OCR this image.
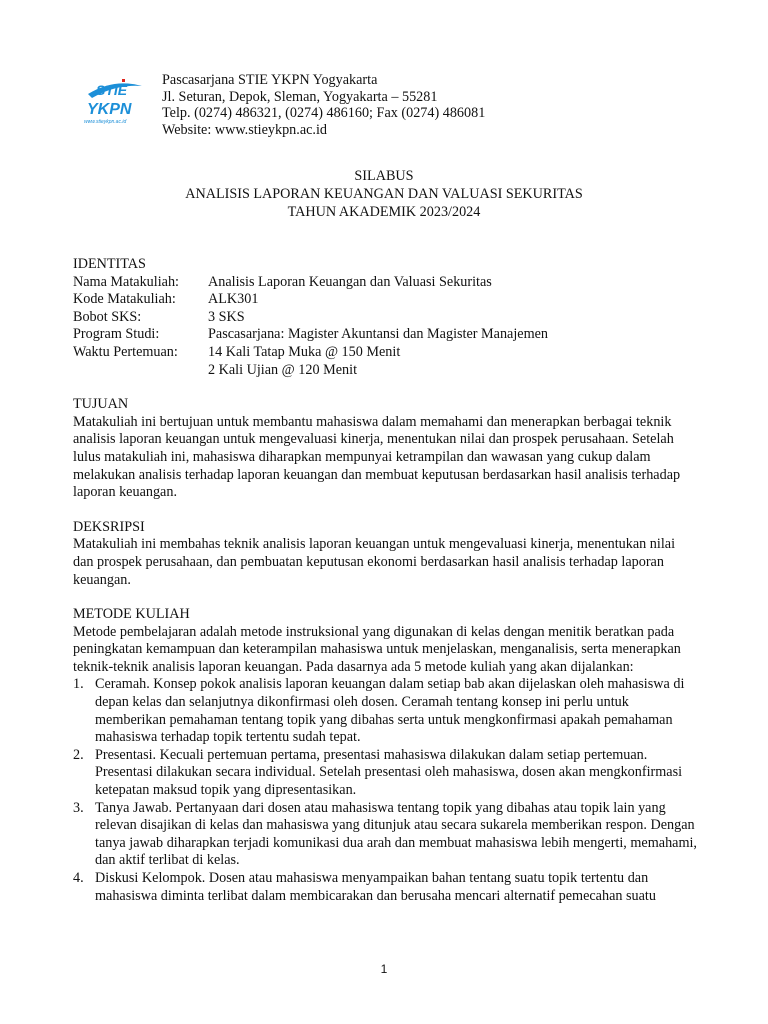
STIE
YKPN
www.stieykpn.ac.id
Pascasarjana STIE YKPN Yogyakarta
Jl. Seturan, Depok, Sleman, Yogyakarta – 55281
Telp. (0274) 486321, (0274) 486160; Fax (0274) 486081
Website: www.stieykpn.ac.id
SILABUS
ANALISIS LAPORAN KEUANGAN DAN VALUASI SEKURITAS
TAHUN AKADEMIK 2023/2024
IDENTITAS
Nama Matakuliah:	Analisis Laporan Keuangan dan Valuasi Sekuritas
Kode Matakuliah:	ALK301
Bobot SKS:	3 SKS
Program Studi:	Pascasarjana: Magister Akuntansi dan Magister Manajemen
Waktu Pertemuan:	14 Kali Tatap Muka @ 150 Menit
2 Kali Ujian @ 120 Menit
TUJUAN

Matakuliah ini bertujuan untuk membantu mahasiswa dalam memahami dan menerapkan berbagai teknik analisis laporan keuangan untuk mengevaluasi kinerja, menentukan nilai dan prospek perusahaan. Setelah lulus matakuliah ini, mahasiswa diharapkan mempunyai ketrampilan dan wawasan yang cukup dalam melakukan analisis terhadap laporan keuangan dan membuat keputusan berdasarkan hasil analisis terhadap laporan keuangan.

DEKSRIPSI

Matakuliah ini membahas teknik analisis laporan keuangan untuk mengevaluasi kinerja, menentukan nilai dan prospek perusahaan, dan pembuatan keputusan ekonomi berdasarkan hasil analisis terhadap laporan keuangan.

METODE KULIAH

Metode pembelajaran adalah metode instruksional yang digunakan di kelas dengan menitik beratkan pada peningkatan kemampuan dan keterampilan mahasiswa untuk menjelaskan, menganalisis, serta menerapkan teknik-teknik analisis laporan keuangan. Pada dasarnya ada 5 metode kuliah yang akan dijalankan:

1. Ceramah. Konsep pokok analisis laporan keuangan dalam setiap bab akan dijelaskan oleh mahasiswa di depan kelas dan selanjutnya dikonfirmasi oleh dosen. Ceramah tentang konsep ini perlu untuk memberikan pemahaman tentang topik yang dibahas serta untuk mengkonfirmasi apakah pemahaman mahasiswa terhadap topik tertentu sudah tepat.
2. Presentasi. Kecuali pertemuan pertama, presentasi mahasiswa dilakukan dalam setiap pertemuan. Presentasi dilakukan secara individual. Setelah presentasi oleh mahasiswa, dosen akan mengkonfirmasi ketepatan maksud topik yang dipresentasikan.
3. Tanya Jawab. Pertanyaan dari dosen atau mahasiswa tentang topik yang dibahas atau topik lain yang relevan disajikan di kelas dan mahasiswa yang ditunjuk atau secara sukarela memberikan respon. Dengan tanya jawab diharapkan terjadi komunikasi dua arah dan membuat mahasiswa lebih mengerti, memahami, dan aktif terlibat di kelas.
4. Diskusi Kelompok. Dosen atau mahasiswa menyampaikan bahan tentang suatu topik tertentu dan mahasiswa diminta terlibat dalam membicarakan dan berusaha mencari alternatif pemecahan suatu
1
